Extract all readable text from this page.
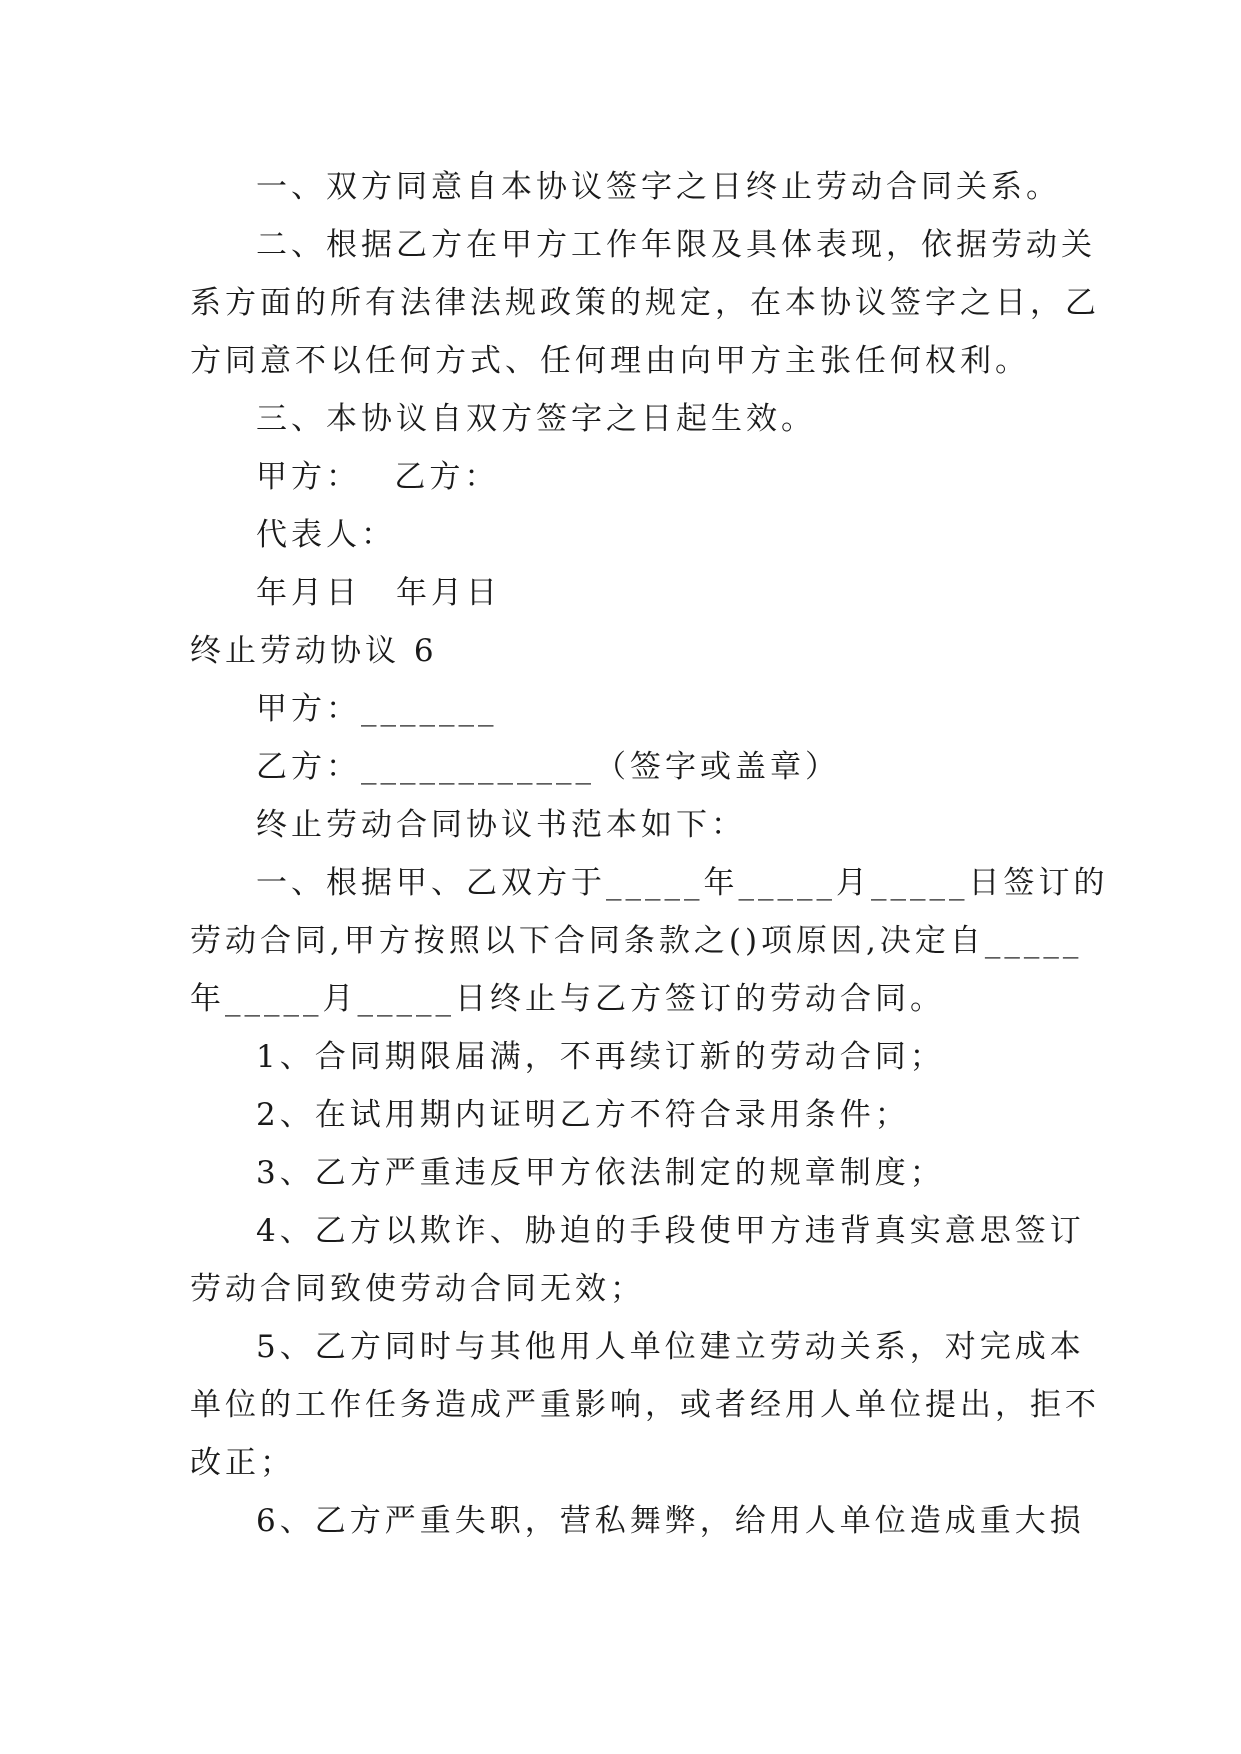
一、双方同意自本协议签字之日终止劳动合同关系。
二、根据乙方在甲方工作年限及具体表现，依据劳动关
系方面的所有法律法规政策的规定，在本协议签字之日，乙
方同意不以任何方式、任何理由向甲方主张任何权利。
三、本协议自双方签字之日起生效。
甲方：　 乙方：
代表人：
年月日　年月日
终止劳动协议 6
甲方：_______
乙方：____________（签字或盖章）
终止劳动合同协议书范本如下：
一、根据甲、乙双方于_____年_____月_____日签订的
劳动合同,甲方按照以下合同条款之()项原因,决定自_____
年_____月_____日终止与乙方签订的劳动合同。
1、合同期限届满，不再续订新的劳动合同；
2、在试用期内证明乙方不符合录用条件；
3、乙方严重违反甲方依法制定的规章制度；
4、乙方以欺诈、胁迫的手段使甲方违背真实意思签订
劳动合同致使劳动合同无效；
5、乙方同时与其他用人单位建立劳动关系，对完成本
单位的工作任务造成严重影响，或者经用人单位提出，拒不
改正；
6、乙方严重失职，营私舞弊，给用人单位造成重大损
